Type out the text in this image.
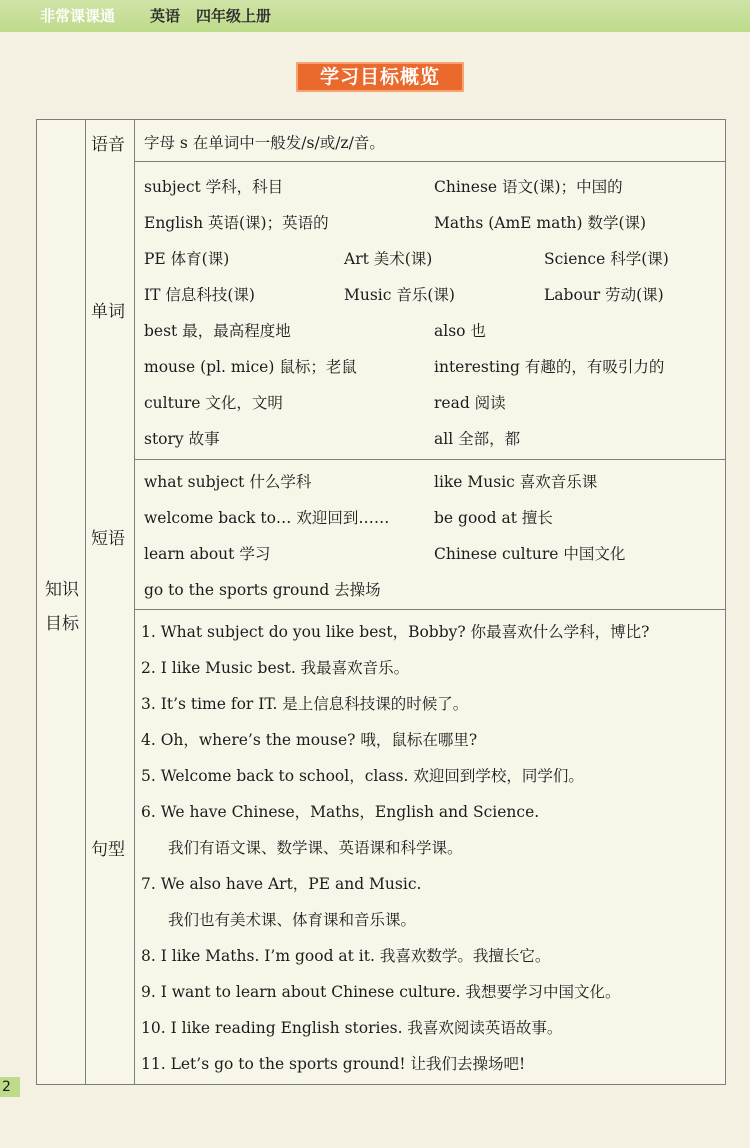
非常课课通 英语 四年级上册
学习目标概览
知识
目标
语音 字母 s 在单词中一般发/s/或/z/音。
单词
subject 学科，科目	Chinese 语文(课)；中国的
English 英语(课)；英语的	Maths (AmE math) 数学(课)
PE 体育(课)	Art 美术(课)	Science 科学(课)
IT 信息科技(课)	Music 音乐(课)	Labour 劳动(课)
best 最，最高程度地	also 也
mouse (pl. mice) 鼠标；老鼠	interesting 有趣的，有吸引力的
culture 文化，文明	read 阅读
story 故事	all 全部，都
短语
what subject 什么学科	like Music 喜欢音乐课
welcome back to… 欢迎回到……	be good at 擅长
learn about 学习	Chinese culture 中国文化
go to the sports ground 去操场
句型
1. What subject do you like best，Bobby? 你最喜欢什么学科，博比?
2. I like Music best. 我最喜欢音乐。
3. It’s time for IT. 是上信息科技课的时候了。
4. Oh，where’s the mouse? 哦，鼠标在哪里?
5. Welcome back to school，class. 欢迎回到学校，同学们。
6. We have Chinese，Maths，English and Science.
我们有语文课、数学课、英语课和科学课。
7. We also have Art，PE and Music.
我们也有美术课、体育课和音乐课。
8. I like Maths. I’m good at it. 我喜欢数学。我擅长它。
9. I want to learn about Chinese culture. 我想要学习中国文化。
10. I like reading English stories. 我喜欢阅读英语故事。
11. Let’s go to the sports ground! 让我们去操场吧!
2
